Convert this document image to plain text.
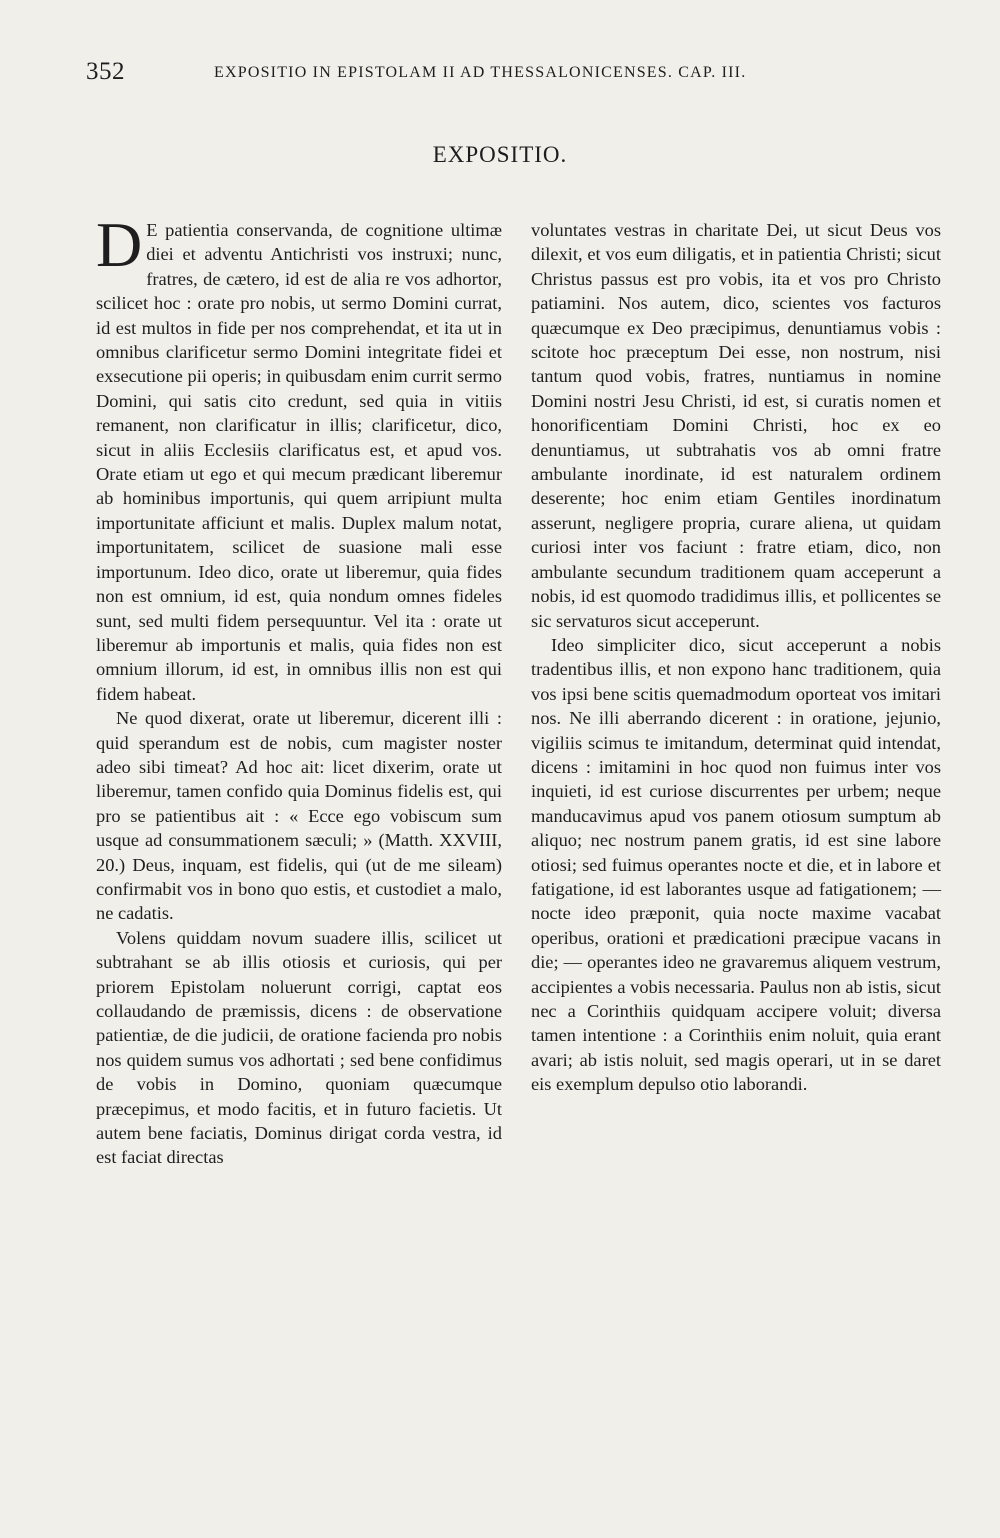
352	EXPOSITIO IN EPISTOLAM II AD THESSALONICENSES. CAP. III.
EXPOSITIO.

D E patientia conservanda, de cognitione ultimæ diei et adventu Antichristi vos instruxi; nunc, fratres, de cætero, id est de alia re vos adhortor, scilicet hoc : orate pro nobis, ut sermo Domini currat, id est multos in fide per nos comprehendat, et ita ut in omnibus clarificetur sermo Domini integritate fidei et exsecutione pii operis; in quibusdam enim currit sermo Domini, qui satis cito credunt, sed quia in vitiis remanent, non clarificatur in illis; clarificetur, dico, sicut in aliis Ecclesiis clarificatus est, et apud vos. Orate etiam ut ego et qui mecum prædicant liberemur ab hominibus importunis, qui quem arripiunt multa importunitate afficiunt et malis. Duplex malum notat, importunitatem, scilicet de suasione mali esse importunum. Ideo dico, orate ut liberemur, quia fides non est omnium, id est, quia nondum omnes fideles sunt, sed multi fidem persequuntur. Vel ita : orate ut liberemur ab importunis et malis, quia fides non est omnium illorum, id est, in omnibus illis non est qui fidem habeat.

Ne quod dixerat, orate ut liberemur, dicerent illi : quid sperandum est de nobis, cum magister noster adeo sibi timeat? Ad hoc ait: licet dixerim, orate ut liberemur, tamen confido quia Dominus fidelis est, qui pro se patientibus ait : « Ecce ego vobiscum sum usque ad consummationem sæculi; » (Matth. XXVIII, 20.) Deus, inquam, est fidelis, qui (ut de me sileam) confirmabit vos in bono quo estis, et custodiet a malo, ne cadatis.

Volens quiddam novum suadere illis, scilicet ut subtrahant se ab illis otiosis et curiosis, qui per priorem Epistolam noluerunt corrigi, captat eos collaudando de præmissis, dicens : de observatione patientiæ, de die judicii, de oratione facienda pro nobis nos quidem sumus vos adhortati ; sed bene confidimus de vobis in Domino, quoniam quæcumque præcepimus, et modo facitis, et in futuro facietis. Ut autem bene faciatis, Dominus dirigat corda vestra, id est faciat directas

voluntates vestras in charitate Dei, ut sicut Deus vos dilexit, et vos eum diligatis, et in patientia Christi; sicut Christus passus est pro vobis, ita et vos pro Christo patiamini. Nos autem, dico, scientes vos facturos quæcumque ex Deo præcipimus, denuntiamus vobis : scitote hoc præceptum Dei esse, non nostrum, nisi tantum quod vobis, fratres, nuntiamus in nomine Domini nostri Jesu Christi, id est, si curatis nomen et honorificentiam Domini Christi, hoc ex eo denuntiamus, ut subtrahatis vos ab omni fratre ambulante inordinate, id est naturalem ordinem deserente; hoc enim etiam Gentiles inordinatum asserunt, negligere propria, curare aliena, ut quidam curiosi inter vos faciunt : fratre etiam, dico, non ambulante secundum traditionem quam acceperunt a nobis, id est quomodo tradidimus illis, et pollicentes se sic servaturos sicut acceperunt.

Ideo simpliciter dico, sicut acceperunt a nobis tradentibus illis, et non expono hanc traditionem, quia vos ipsi bene scitis quemadmodum oporteat vos imitari nos. Ne illi aberrando dicerent : in oratione, jejunio, vigiliis scimus te imitandum, determinat quid intendat, dicens : imitamini in hoc quod non fuimus inter vos inquieti, id est curiose discurrentes per urbem; neque manducavimus apud vos panem otiosum sumptum ab aliquo; nec nostrum panem gratis, id est sine labore otiosi; sed fuimus operantes nocte et die, et in labore et fatigatione, id est laborantes usque ad fatigationem; — nocte ideo præponit, quia nocte maxime vacabat operibus, orationi et prædicationi præcipue vacans in die; — operantes ideo ne gravaremus aliquem vestrum, accipientes a vobis necessaria. Paulus non ab istis, sicut nec a Corinthiis quidquam accipere voluit; diversa tamen intentione : a Corinthiis enim noluit, quia erant avari; ab istis noluit, sed magis operari, ut in se daret eis exemplum depulso otio laborandi.
